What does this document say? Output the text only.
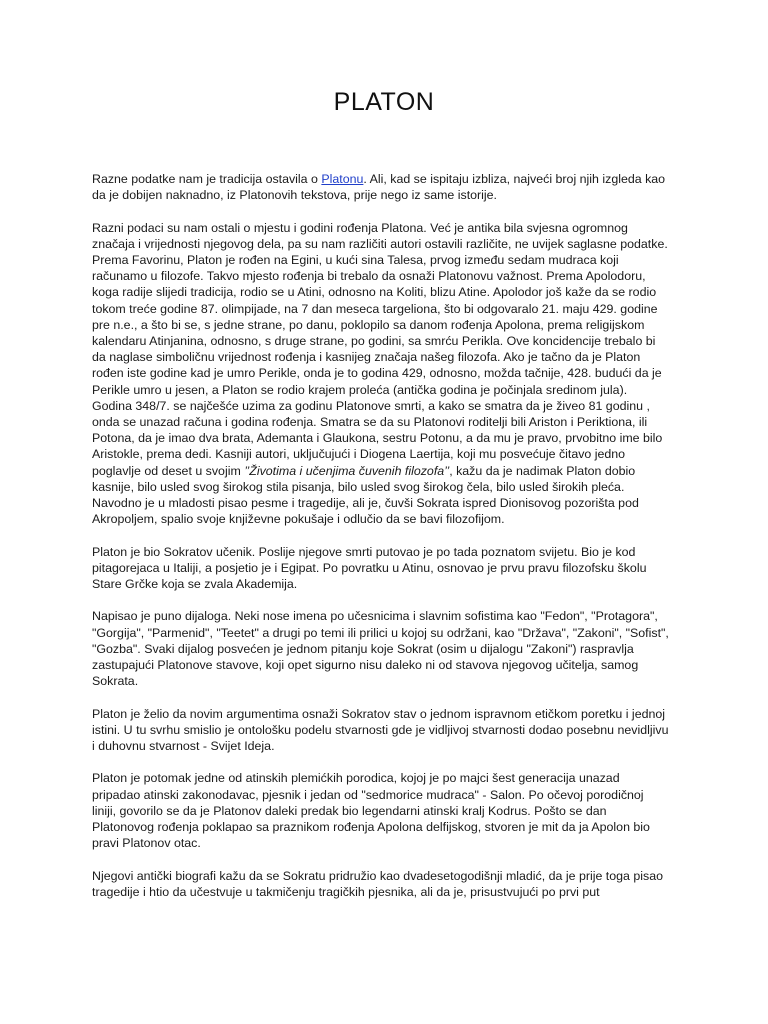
PLATON

Razne podatke nam je tradicija ostavila o Platonu. Ali, kad se ispitaju izbliza, najveći broj njih izgleda kao da je dobijen naknadno, iz Platonovih tekstova, prije nego iz same istorije.

Razni podaci su nam ostali o mjestu i godini rođenja Platona. Već je antika bila svjesna ogromnog značaja i vrijednosti njegovog dela, pa su nam različiti autori ostavili različite, ne uvijek saglasne podatke. Prema Favorinu, Platon je rođen na Egini, u kući sina Talesa, prvog između sedam mudraca koji računamo u filozofe. Takvo mjesto rođenja bi trebalo da osnaži Platonovu važnost. Prema Apolodoru, koga radije slijedi tradicija, rodio se u Atini, odnosno na Koliti, blizu Atine. Apolodor još kaže da se rodio tokom treće godine 87. olimpijade, na 7 dan meseca targeliona, što bi odgovaralo 21. maju 429. godine pre n.e., a što bi se, s jedne strane, po danu, poklopilo sa danom rođenja Apolona, prema religijskom kalendaru Atinjanina, odnosno, s druge strane, po godini, sa smrću Perikla. Ove koncidencije trebalo bi da naglase simboličnu vrijednost rođenja i kasnijeg značaja našeg filozofa. Ako je tačno da je Platon rođen iste godine kad je umro Perikle, onda je to godina 429, odnosno, možda tačnije, 428. budući da je Perikle umro u jesen, a Platon se rodio krajem proleća (antička godina je počinjala sredinom jula). Godina 348/7. se najčešće uzima za godinu Platonove smrti, a kako se smatra da je živeo 81 godinu , onda se unazad računa i godina rođenja. Smatra se da su Platonovi roditelji bili Ariston i Periktiona, ili Potona, da je imao dva brata, Ademanta i Glaukona, sestru Potonu, a da mu je pravo, prvobitno ime bilo Aristokle, prema dedi. Kasniji autori, uključujući i Diogena Laertija, koji mu posvećuje čitavo jedno poglavlje od deset u svojim ’’Životima i učenjima čuvenih filozofa’’, kažu da je nadimak Platon dobio kasnije, bilo usled svog širokog stila pisanja, bilo usled svog širokog čela, bilo usled širokih pleća. Navodno je u mladosti pisao pesme i tragedije, ali je, čuvši Sokrata ispred Dionisovog pozorišta pod Akropoljem, spalio svoje književne pokušaje i odlučio da se bavi filozofijom.

Platon je bio Sokratov učenik. Poslije njegove smrti putovao je po tada poznatom svijetu. Bio je kod pitagorejaca u Italiji, a posjetio je i Egipat. Po povratku u Atinu, osnovao je prvu pravu filozofsku školu Stare Grčke koja se zvala Akademija.

Napisao je puno dijaloga. Neki nose imena po učesnicima i slavnim sofistima kao "Fedon", "Protagora", "Gorgija", "Parmenid", "Teetet" a drugi po temi ili prilici u kojoj su održani, kao "Država", "Zakoni", "Sofist", "Gozba". Svaki dijalog posvećen je jednom pitanju koje Sokrat (osim u dijalogu "Zakoni") raspravlja zastupajući Platonove stavove, koji opet sigurno nisu daleko ni od stavova njegovog učitelja, samog Sokrata.

Platon je želio da novim argumentima osnaži Sokratov stav o jednom ispravnom etičkom poretku i jednoj istini. U tu svrhu smislio je ontološku podelu stvarnosti gde je vidljivoj stvarnosti dodao posebnu nevidljivu i duhovnu stvarnost - Svijet Ideja.

Platon je potomak jedne od atinskih plemićkih porodica, kojoj je po majci šest generacija unazad pripadao atinski zakonodavac, pjesnik i jedan od "sedmorice mudraca" - Salon. Po očevoj porodičnoj liniji, govorilo se da je Platonov daleki predak bio legendarni atinski kralj Kodrus. Pošto se dan Platonovog rođenja poklapao sa praznikom rođenja Apolona delfijskog, stvoren je mit da ja Apolon bio pravi Platonov otac.

Njegovi antički biografi kažu da se Sokratu pridružio kao dvadesetogodišnji mladić, da je prije toga pisao tragedije i htio da učestvuje u takmičenju tragičkih pjesnika, ali da je, prisustvujući po prvi put
